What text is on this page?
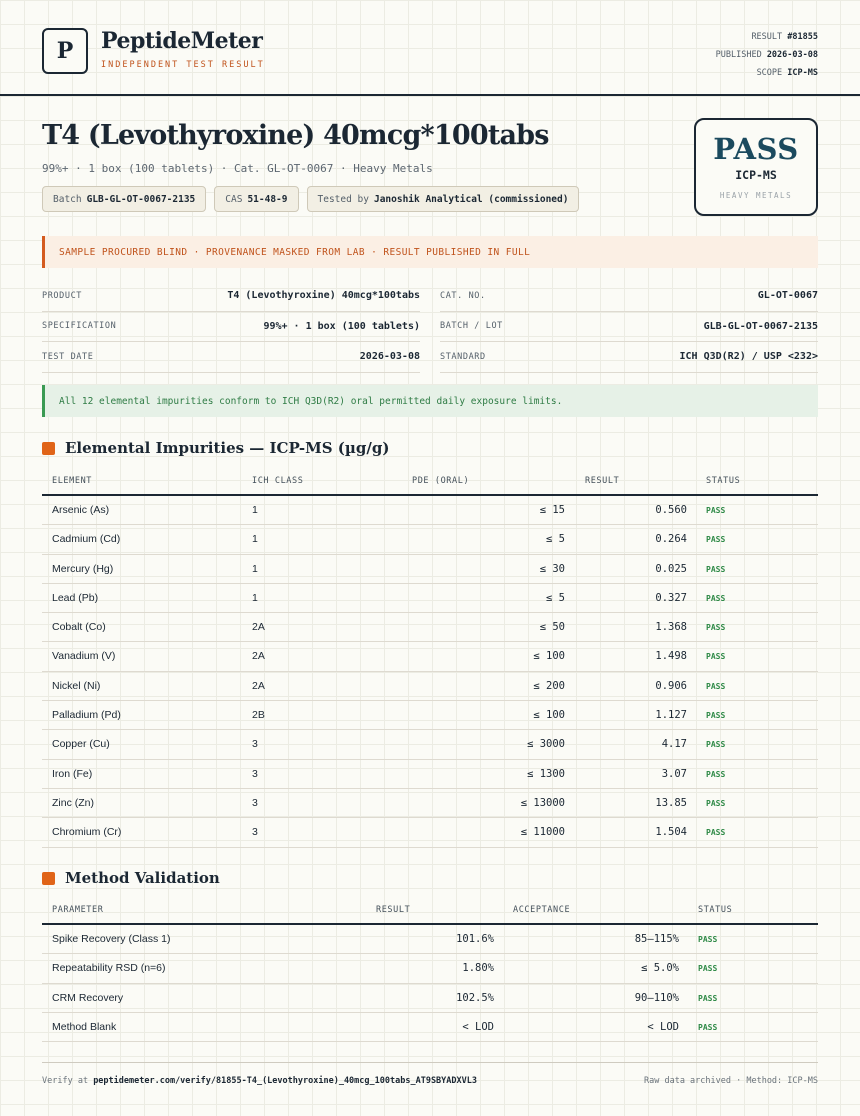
P	PeptideMeter
INDEPENDENT TEST RESULT
RESULT #81855
PUBLISHED 2026-03-08
SCOPE ICP-MS
T4 (Levothyroxine) 40mcg*100tabs
99%+ · 1 box (100 tablets) · Cat. GL-OT-0067 · Heavy Metals
Batch GLB-GL-OT-0067-2135	CAS 51-48-9	Tested by Janoshik Analytical (commissioned)
PASS
ICP-MS
HEAVY METALS
SAMPLE PROCURED BLIND · PROVENANCE MASKED FROM LAB · RESULT PUBLISHED IN FULL
PRODUCT	T4 (Levothyroxine) 40mcg*100tabs
SPECIFICATION	99%+ · 1 box (100 tablets)
TEST DATE	2026-03-08
CAT. NO.	GL-OT-0067
BATCH / LOT	GLB-GL-OT-0067-2135
STANDARD	ICH Q3D(R2) / USP <232>
All 12 elemental impurities conform to ICH Q3D(R2) oral permitted daily exposure limits.
Elemental Impurities — ICP-MS (µg/g)
ELEMENT	ICH CLASS	PDE (ORAL)	RESULT	STATUS
Arsenic (As)	1	≤ 15	0.560 PASS
Cadmium (Cd)	1	≤ 5	0.264 PASS
Mercury (Hg)	1	≤ 30	0.025 PASS
Lead (Pb)	1	≤ 5	0.327 PASS
Cobalt (Co)	2A	≤ 50	1.368 PASS
Vanadium (V)	2A	≤ 100	1.498 PASS
Nickel (Ni)	2A	≤ 200	0.906 PASS
Palladium (Pd)	2B	≤ 100	1.127 PASS
Copper (Cu)	3	≤ 3000	4.17 PASS
Iron (Fe)	3	≤ 1300	3.07 PASS
Zinc (Zn)	3	≤ 13000	13.85 PASS
Chromium (Cr)	3	≤ 11000	1.504 PASS
Method Validation
PARAMETER	RESULT	ACCEPTANCE	STATUS
Spike Recovery (Class 1)	101.6%	85–115% PASS
Repeatability RSD (n=6)	1.80%	≤ 5.0% PASS
CRM Recovery	102.5%	90–110% PASS
Method Blank	< LOD	< LOD PASS
Verify at peptidemeter.com/verify/81855-T4_(Levothyroxine)_40mcg_100tabs_AT9SBYADXVL3	Raw data archived · Method: ICP-MS
